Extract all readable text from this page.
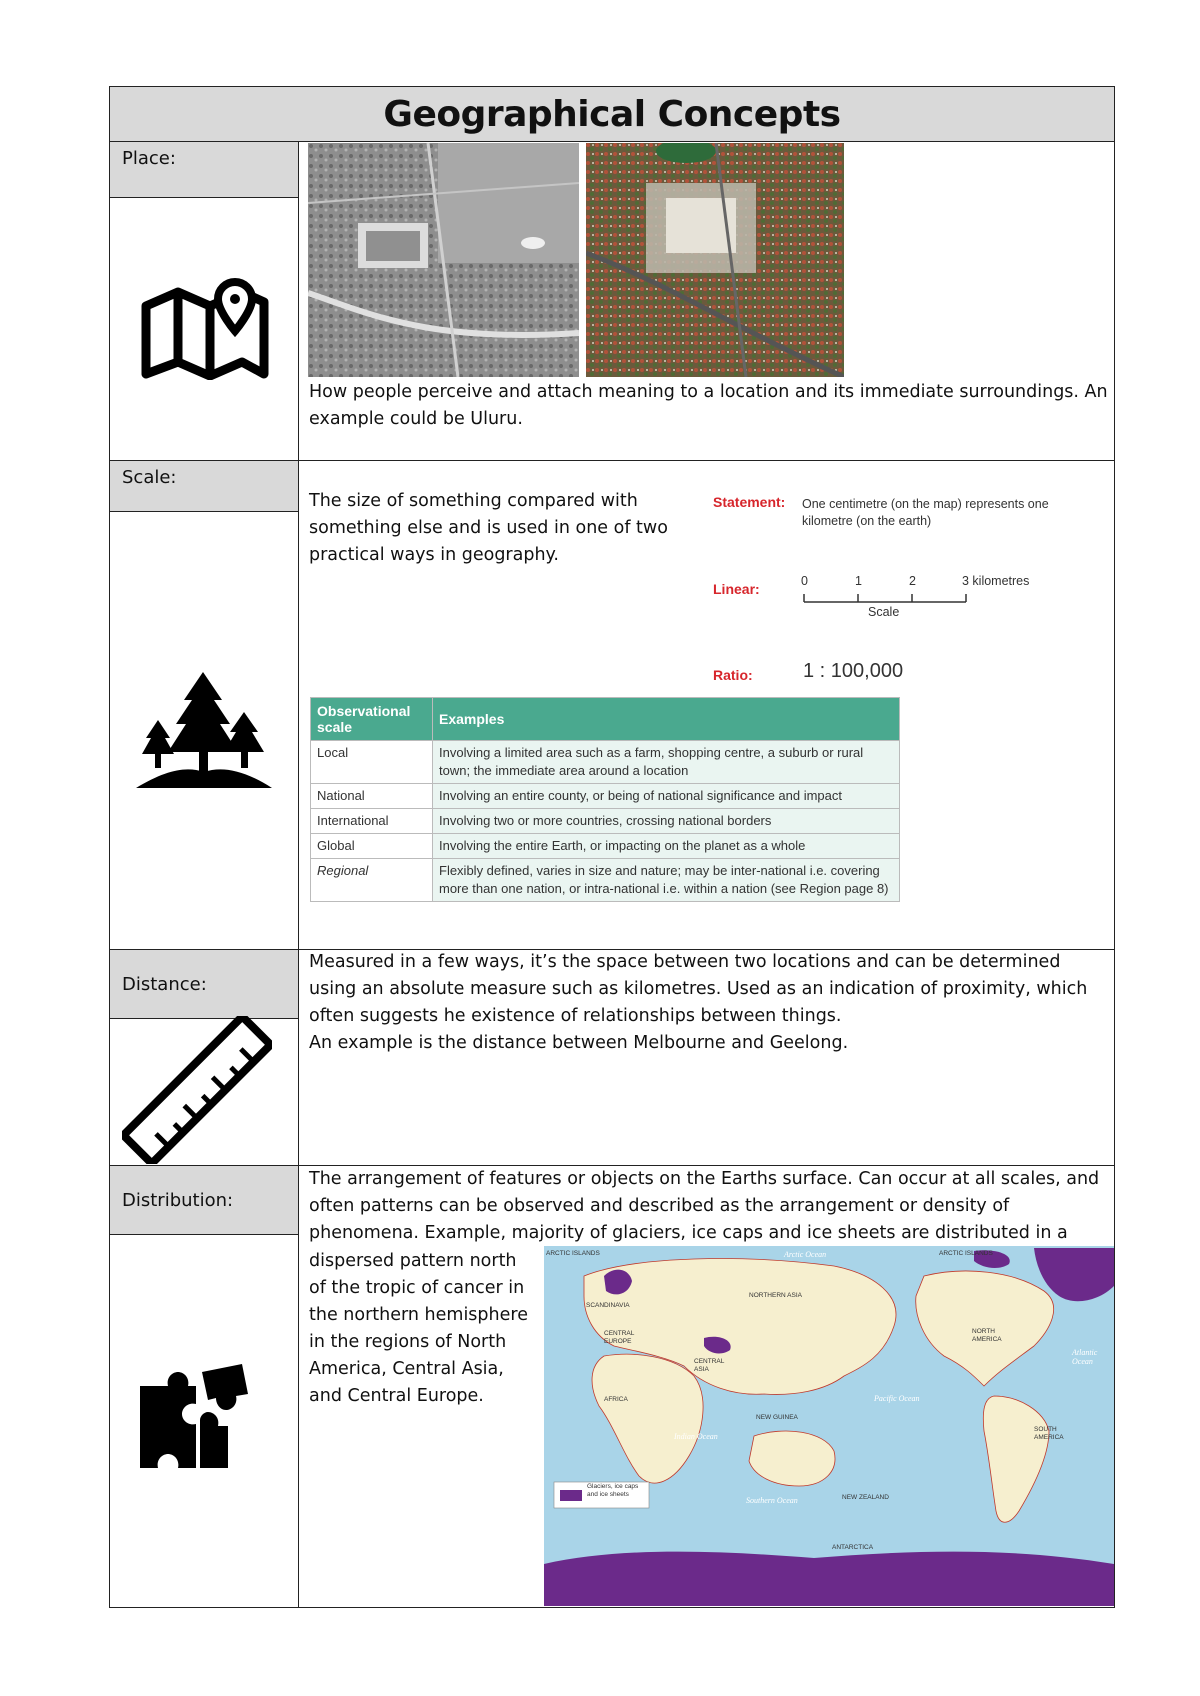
Geographical Concepts
Place:
How people perceive and attach meaning to a location and its immediate surroundings. An example could be Uluru.
Scale:
The size of something compared with something else and is used in one of two practical ways in geography.
Statement: One centimetre (on the map) represents one kilometre (on the earth)
Linear:	0	1	2	3 kilometres
Scale
Ratio:	1 : 100,000
Observational scale	Examples
Local	Involving a limited area such as a farm, shopping centre, a suburb or rural town; the immediate area around a location
National	Involving an entire county, or being of national significance and impact
International	Involving two or more countries, crossing national borders
Global	Involving the entire Earth, or impacting on the planet as a whole
Regional	Flexibly defined, varies in size and nature; may be inter-national i.e. covering more than one nation, or intra-national i.e. within a nation (see Region page 8)
Distance:
Measured in a few ways, it’s the space between two locations and can be determined using an absolute measure such as kilometres. Used as an indication of proximity, which often suggests he existence of relationships between things.
An example is the distance between Melbourne and Geelong.
Distribution:
The arrangement of features or objects on the Earths surface. Can occur at all scales, and often patterns can be observed and described as the arrangement or density of phenomena. Example, majority of glaciers, ice caps and ice sheets are distributed in a
dispersed pattern north of the tropic of cancer in the northern hemisphere in the regions of North America, Central Asia, and Central Europe.
Glaciers, ice caps and ice sheets
ARCTIC ISLANDS	Arctic Ocean	ARCTIC ISLANDS
NORTHERN ASIA
SCANDINAVIA
CENTRAL EUROPE
CENTRAL ASIA
NORTH AMERICA
Atlantic Ocean
AFRICA
NEW GUINEA
Pacific Ocean
Indian Ocean
SOUTH AMERICA
NEW ZEALAND
Southern Ocean
ANTARCTICA
